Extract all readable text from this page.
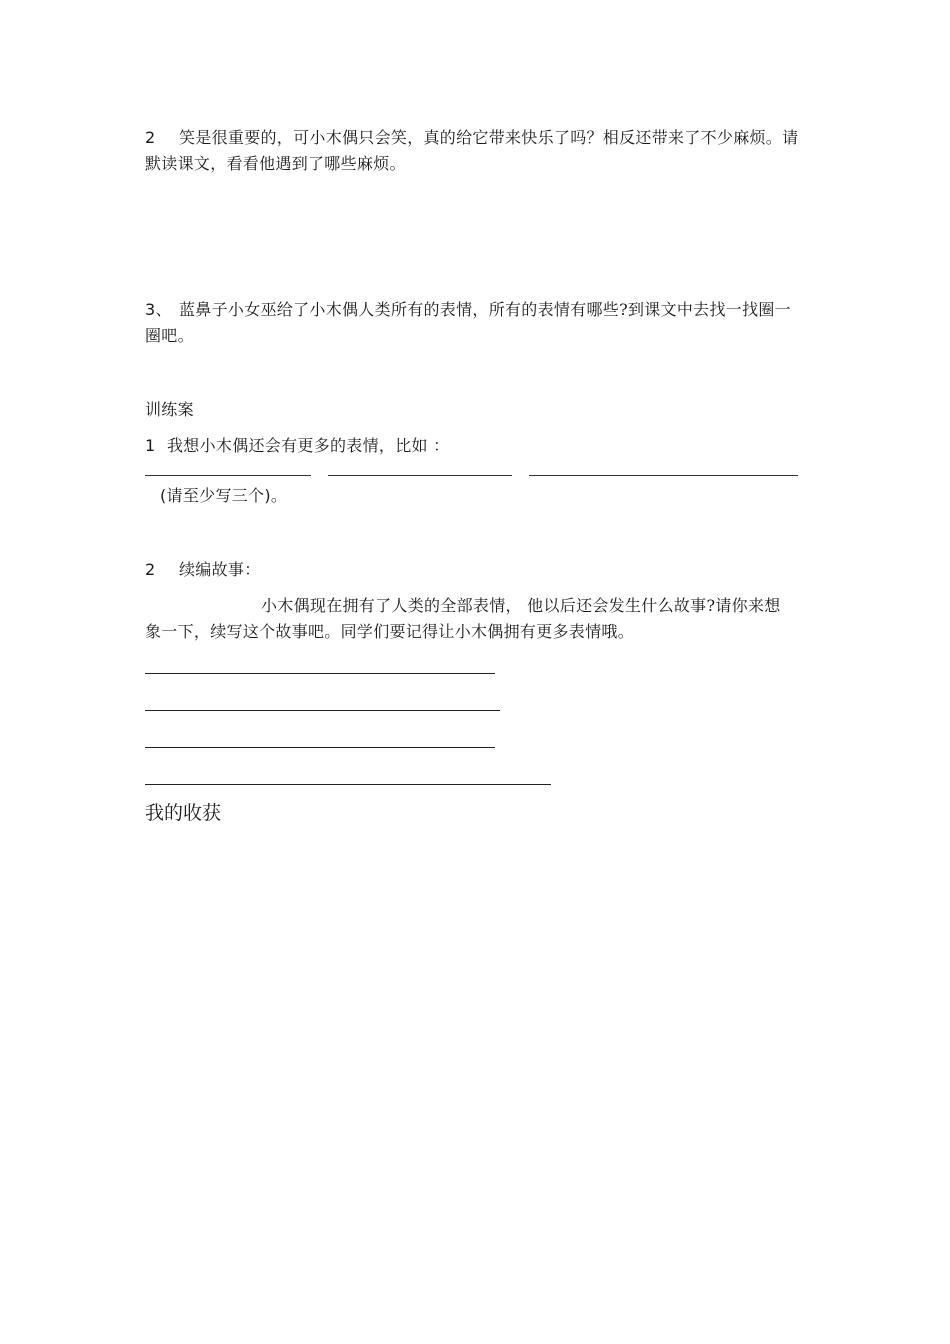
2 笑是很重要的，可小木偶只会笑，真的给它带来快乐了吗？相反还带来了不少麻烦。请
默读课文，看看他遇到了哪些麻烦。
3、 蓝鼻子小女巫给了小木偶人类所有的表情，所有的表情有哪些?到课文中去找一找圈一
圈吧。
训练案
1 我想小木偶还会有更多的表情，比如 ：
(请至少写三个)。
2 续编故事：
小木偶现在拥有了人类的全部表情， 他以后还会发生什么故事?请你来想
象一下，续写这个故事吧。同学们要记得让小木偶拥有更多表情哦。
我的收获
